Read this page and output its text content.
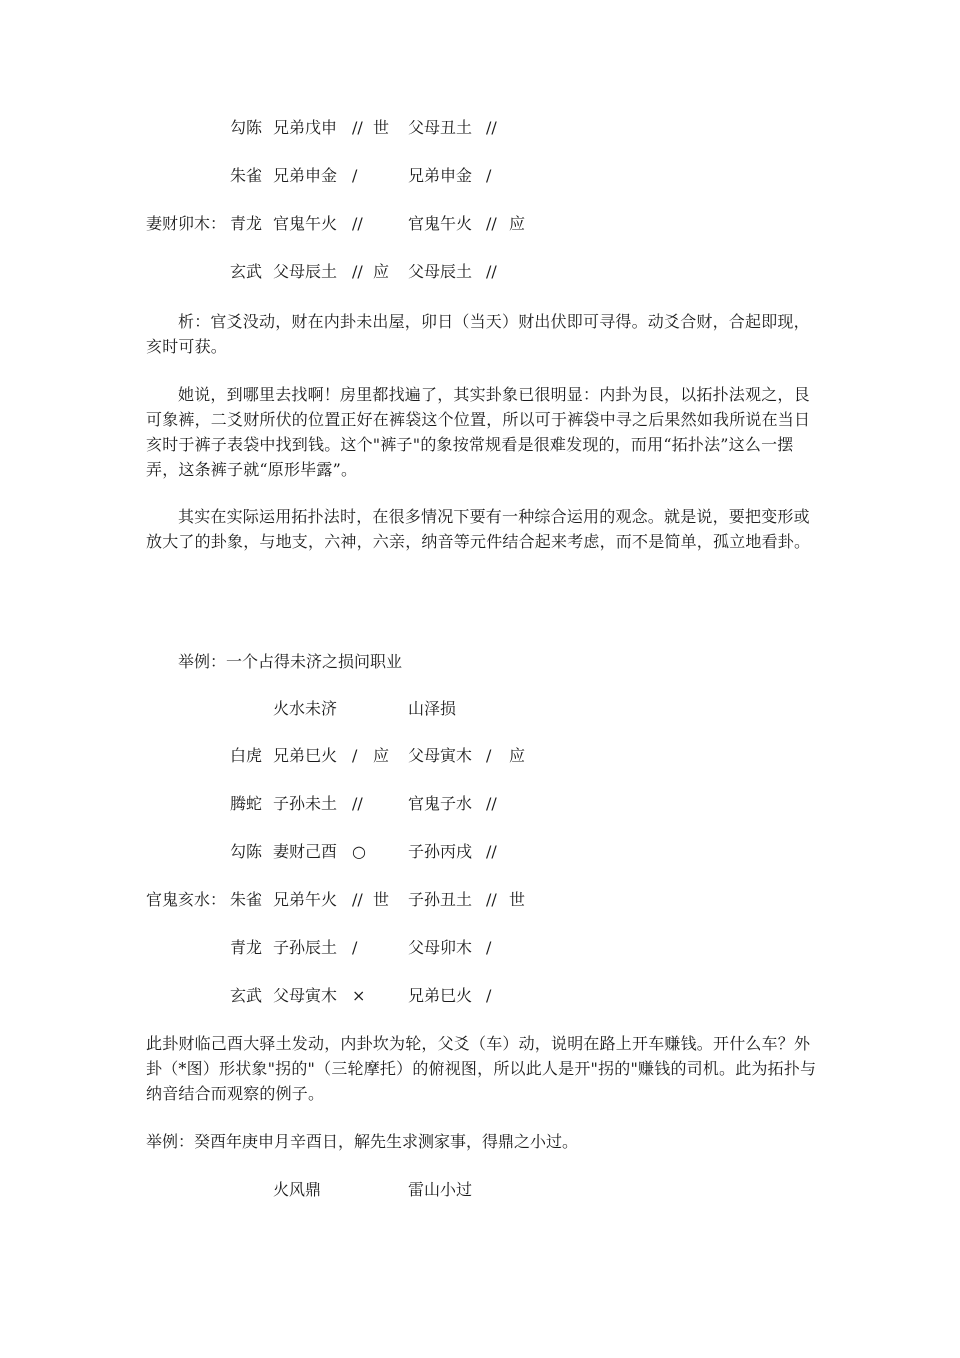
勾陈 兄弟戊申 // 世 父母丑土 //
朱雀 兄弟申金 /	兄弟申金 /
妻财卯木： 青龙 官鬼午火 //	官鬼午火 // 应
玄武 父母辰土 // 应 父母辰土 //

析：官爻没动，财在内卦未出屋，卯日（当天）财出伏即可寻得。动爻合财，合起即现，亥时可获。

她说，到哪里去找啊！房里都找遍了，其实卦象已很明显：内卦为艮，以拓扑法观之，艮可象裤，二爻财所伏的位置正好在裤袋这个位置，所以可于裤袋中寻之后果然如我所说在当日亥时于裤子表袋中找到钱。这个"裤子"的象按常规看是很难发现的，而用“拓扑法”这么一摆弄，这条裤子就“原形毕露”。

其实在实际运用拓扑法时，在很多情况下要有一种综合运用的观念。就是说，要把变形或放大了的卦象，与地支，六神，六亲，纳音等元件结合起来考虑，而不是简单，孤立地看卦。

举例：一个占得未济之损问职业
火水未济	山泽损
白虎 兄弟巳火 / 应 父母寅木 / 应
腾蛇 子孙未土 //	官鬼子水 //
勾陈 妻财己酉 ○	子孙丙戌 //
官鬼亥水： 朱雀 兄弟午火 // 世 子孙丑土 // 世
青龙 子孙辰土 /	父母卯木 /
玄武 父母寅木 ×	兄弟巳火 /

此卦财临己酉大驿土发动，内卦坎为轮，父爻（车）动，说明在路上开车赚钱。开什么车？外卦（*图）形状象"拐的"（三轮摩托）的俯视图，所以此人是开"拐的"赚钱的司机。此为拓扑与纳音结合而观察的例子。

举例：癸酉年庚申月辛酉日，解先生求测家事，得鼎之小过。
火风鼎	雷山小过
